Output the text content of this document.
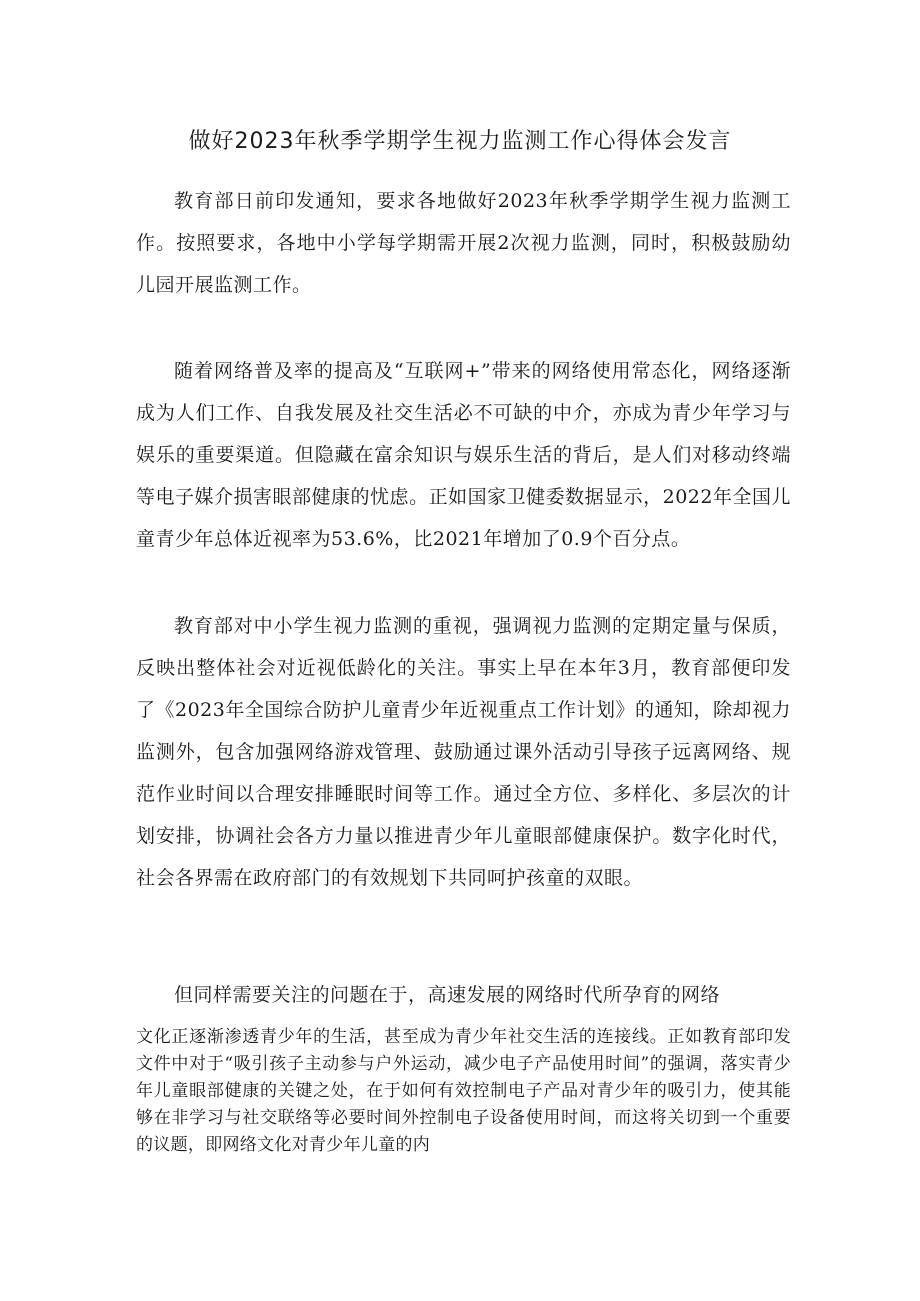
做好2023年秋季学期学生视力监测工作心得体会发言

教育部日前印发通知，要求各地做好2023年秋季学期学生视力监测工作。按照要求，各地中小学每学期需开展2次视力监测，同时，积极鼓励幼儿园开展监测工作。

随着网络普及率的提高及“互联网+”带来的网络使用常态化，网络逐渐成为人们工作、自我发展及社交生活必不可缺的中介，亦成为青少年学习与娱乐的重要渠道。但隐藏在富余知识与娱乐生活的背后，是人们对移动终端等电子媒介损害眼部健康的忧虑。正如国家卫健委数据显示，2022年全国儿童青少年总体近视率为53.6%，比2021年增加了0.9个百分点。

教育部对中小学生视力监测的重视，强调视力监测的定期定量与保质，反映出整体社会对近视低龄化的关注。事实上早在本年3月，教育部便印发了《2023年全国综合防护儿童青少年近视重点工作计划》的通知，除却视力监测外，包含加强网络游戏管理、鼓励通过课外活动引导孩子远离网络、规范作业时间以合理安排睡眠时间等工作。通过全方位、多样化、多层次的计划安排，协调社会各方力量以推进青少年儿童眼部健康保护。数字化时代，社会各界需在政府部门的有效规划下共同呵护孩童的双眼。

但同样需要关注的问题在于，高速发展的网络时代所孕育的网络

文化正逐渐渗透青少年的生活，甚至成为青少年社交生活的连接线。正如教育部印发文件中对于“吸引孩子主动参与户外运动，减少电子产品使用时间”的强调，落实青少年儿童眼部健康的关键之处，在于如何有效控制电子产品对青少年的吸引力，使其能够在非学习与社交联络等必要时间外控制电子设备使用时间，而这将关切到一个重要的议题，即网络文化对青少年儿童的内
